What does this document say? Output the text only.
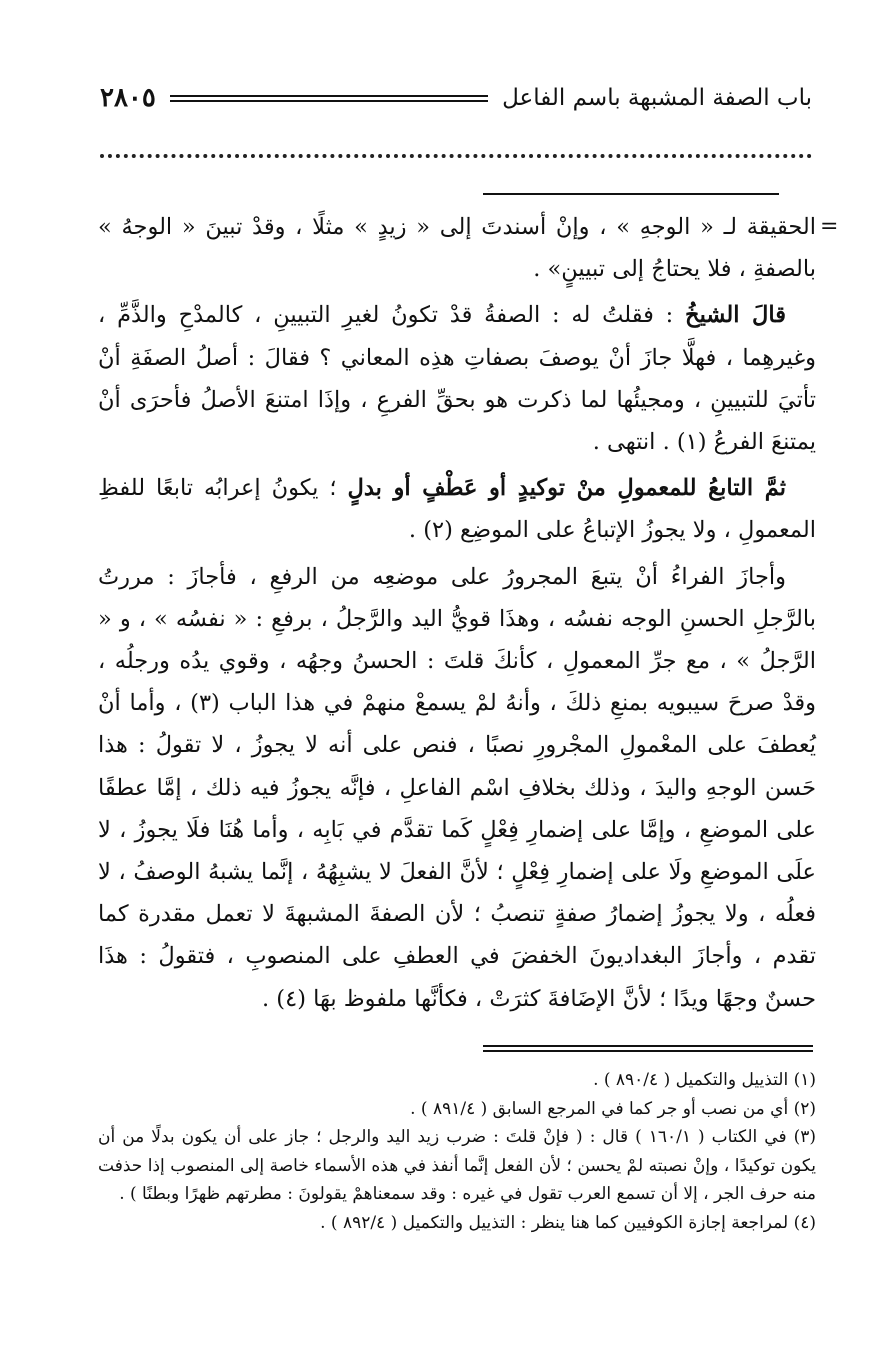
باب الصفة المشبهة باسم الفاعل
٢٨٠٥
=

الحقيقة لـ « الوجهِ » ، وإنْ أسندتَ إلى « زيدٍ » مثلًا ، وقدْ تبينَ « الوجهُ » بالصفةِ ، فلا يحتاجُ إلى تبيينٍ» .

قالَ الشيخُ : فقلتُ له : الصفةُ قدْ تكونُ لغيرِ التبيينِ ، كالمدْحِ والذَّمِّ ، وغيرهِما ، فهلَّا جازَ أنْ يوصفَ بصفاتِ هذِه المعاني ؟ فقالَ : أصلُ الصفَةِ أنْ تأتيَ للتبيينِ ، ومجيئُها لما ذكرت هو بحقِّ الفرعِ ، وإذَا امتنعَ الأصلُ فأحرَى أنْ يمتنعَ الفرعُ (١) . انتهى .

ثمَّ التابعُ للمعمولِ منْ توكيدٍ أو عَطْفٍ أو بدلٍ ؛ يكونُ إعرابُه تابعًا للفظِ المعمولِ ، ولا يجوزُ الإتباعُ على الموضِع (٢) .

وأجازَ الفراءُ أنْ يتبعَ المجرورُ على موضعِه من الرفعِ ، فأجازَ : مررتُ بالرَّجلِ الحسنِ الوجه نفسُه ، وهذَا قويُّ اليد والرَّجلُ ، برفعِ : « نفسُه » ، و « الرَّجلُ » ، مع جرِّ المعمولِ ، كأنكَ قلتَ : الحسنُ وجهُه ، وقوي يدُه ورجلُه ، وقدْ صرحَ سيبويه بمنعِ ذلكَ ، وأنهُ لمْ يسمعْ منهمْ في هذا الباب (٣) ، وأما أنْ يُعطفَ على المعْمولِ المجْرورِ نصبًا ، فنص على أنه لا يجوزُ ، لا تقولُ : هذا حَسن الوجهِ واليدَ ، وذلك بخلافِ اسْم الفاعلِ ، فإنَّه يجوزُ فيه ذلك ، إمَّا عطفًا على الموضعِ ، وإمَّا على إضمارِ فِعْلٍ كَما تقدَّم في بَابِه ، وأما هُنَا فلَا يجوزُ ، لا علَى الموضعِ ولَا على إضمارِ فِعْلٍ ؛ لأنَّ الفعلَ لا يشبِهُهُ ، إنَّما يشبهُ الوصفُ ، لا فعلُه ، ولا يجوزُ إضمارُ صفةٍ تنصبُ ؛ لأن الصفةَ المشبهةَ لا تعمل مقدرة كما تقدم ، وأجازَ البغداديونَ الخفضَ في العطفِ على المنصوبِ ، فتقولُ : هذَا حسنٌ وجهًا ويدًا ؛ لأنَّ الإضَافةَ كثرَتْ ، فكأنَّها ملفوظ بهَا (٤) .

(١) التذييل والتكميل ( ٨٩٠/٤ ) .

(٢) أي من نصب أو جر كما في المرجع السابق ( ٨٩١/٤ ) .

(٣) في الكتاب ( ١٦٠/١ ) قال : ( فإنْ قلتَ : ضرب زيد اليد والرجل ؛ جاز على أن يكون بدلًا من أن يكون توكيدًا ، وإنْ نصبته لمْ يحسن ؛ لأن الفعل إنَّما أنفذ في هذه الأسماء خاصة إلى المنصوب إذا حذفت منه حرف الجر ، إلا أن تسمع العرب تقول في غيره : وقد سمعناهمْ يقولونَ : مطرتهم ظهرًا وبطنًا ) .

(٤) لمراجعة إجازة الكوفيين كما هنا ينظر : التذييل والتكميل ( ٨٩٢/٤ ) .
